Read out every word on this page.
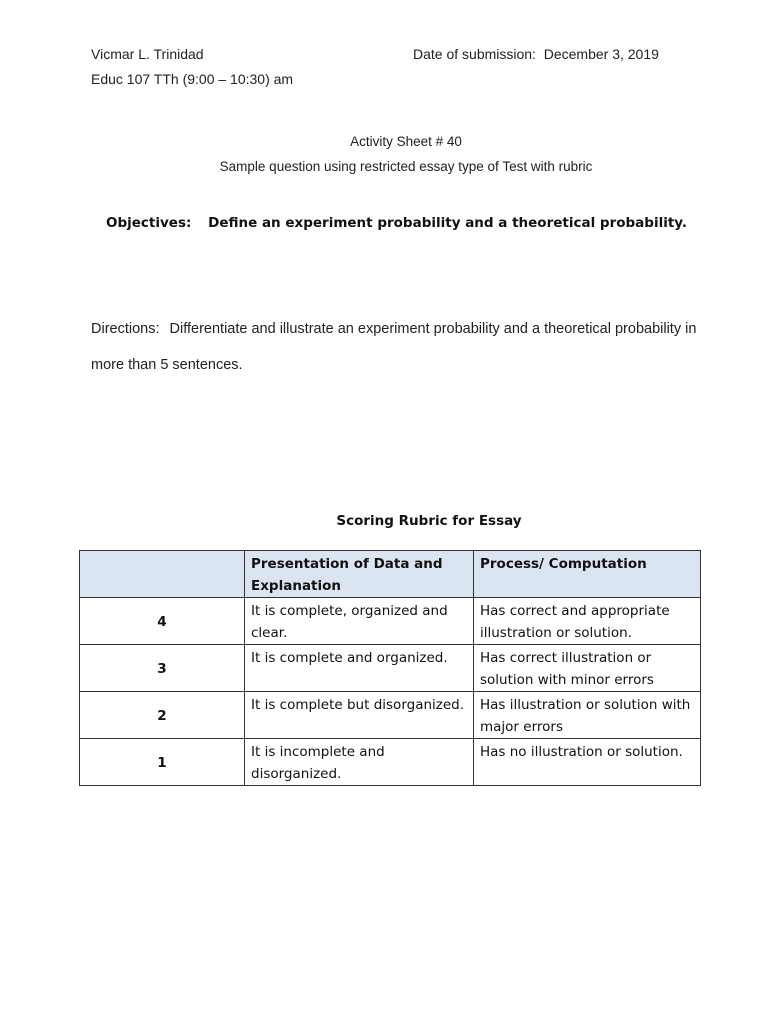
Vicmar L. Trinidad
Educ 107 TTh (9:00 – 10:30) am
Date of submission: December 3, 2019
Activity Sheet # 40
Sample question using restricted essay type of Test with rubric
Objectives: Define an experiment probability and a theoretical probability.
Directions: Differentiate and illustrate an experiment probability and a theoretical probability in more than 5 sentences.
Scoring Rubric for Essay
	Presentation of Data and Explanation	Process/ Computation
4	It is complete, organized and clear.	Has correct and appropriate illustration or solution.
3	It is complete and organized.	Has correct illustration or solution with minor errors
2	It is complete but disorganized.	Has illustration or solution with major errors
1	It is incomplete and disorganized.	Has no illustration or solution.
